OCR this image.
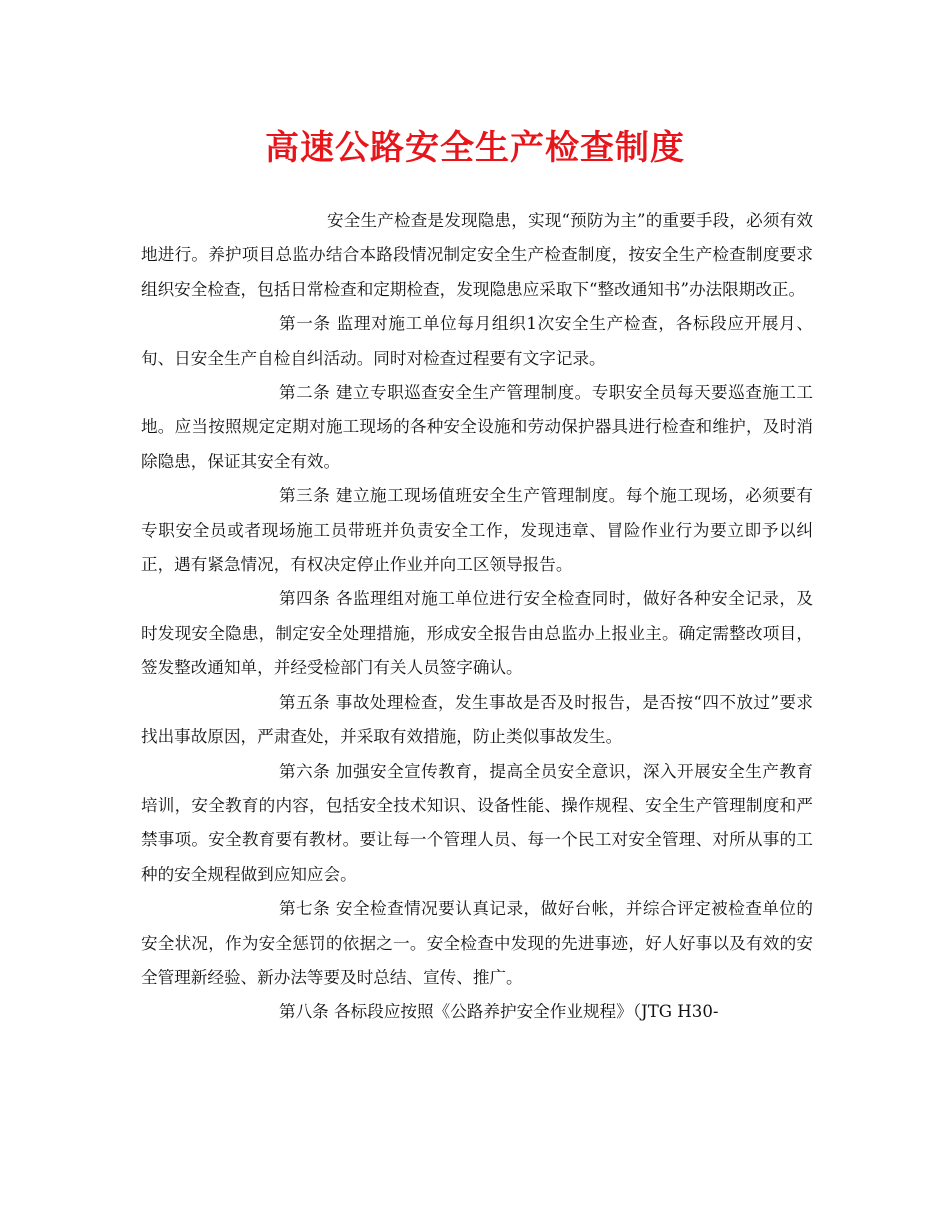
高速公路安全生产检查制度

安全生产检查是发现隐患，实现“预防为主”的重要手段，必须有效地进行。养护项目总监办结合本路段情况制定安全生产检查制度，按安全生产检查制度要求组织安全检查，包括日常检查和定期检查，发现隐患应采取下“整改通知书”办法限期改正。

第一条 监理对施工单位每月组织1次安全生产检查，各标段应开展月、旬、日安全生产自检自纠活动。同时对检查过程要有文字记录。

第二条 建立专职巡查安全生产管理制度。专职安全员每天要巡查施工工地。应当按照规定定期对施工现场的各种安全设施和劳动保护器具进行检查和维护，及时消除隐患，保证其安全有效。

第三条 建立施工现场值班安全生产管理制度。每个施工现场，必须要有专职安全员或者现场施工员带班并负责安全工作，发现违章、冒险作业行为要立即予以纠正，遇有紧急情况，有权决定停止作业并向工区领导报告。

第四条 各监理组对施工单位进行安全检查同时，做好各种安全记录，及时发现安全隐患，制定安全处理措施，形成安全报告由总监办上报业主。确定需整改项目，签发整改通知单，并经受检部门有关人员签字确认。

第五条 事故处理检查，发生事故是否及时报告，是否按“四不放过”要求找出事故原因，严肃查处，并采取有效措施，防止类似事故发生。

第六条 加强安全宣传教育，提高全员安全意识，深入开展安全生产教育培训，安全教育的内容，包括安全技术知识、设备性能、操作规程、安全生产管理制度和严禁事项。安全教育要有教材。要让每一个管理人员、每一个民工对安全管理、对所从事的工种的安全规程做到应知应会。

第七条 安全检查情况要认真记录，做好台帐，并综合评定被检查单位的安全状况，作为安全惩罚的依据之一。安全检查中发现的先进事迹，好人好事以及有效的安全管理新经验、新办法等要及时总结、宣传、推广。

第八条 各标段应按照《公路养护安全作业规程》（JTG H30-
